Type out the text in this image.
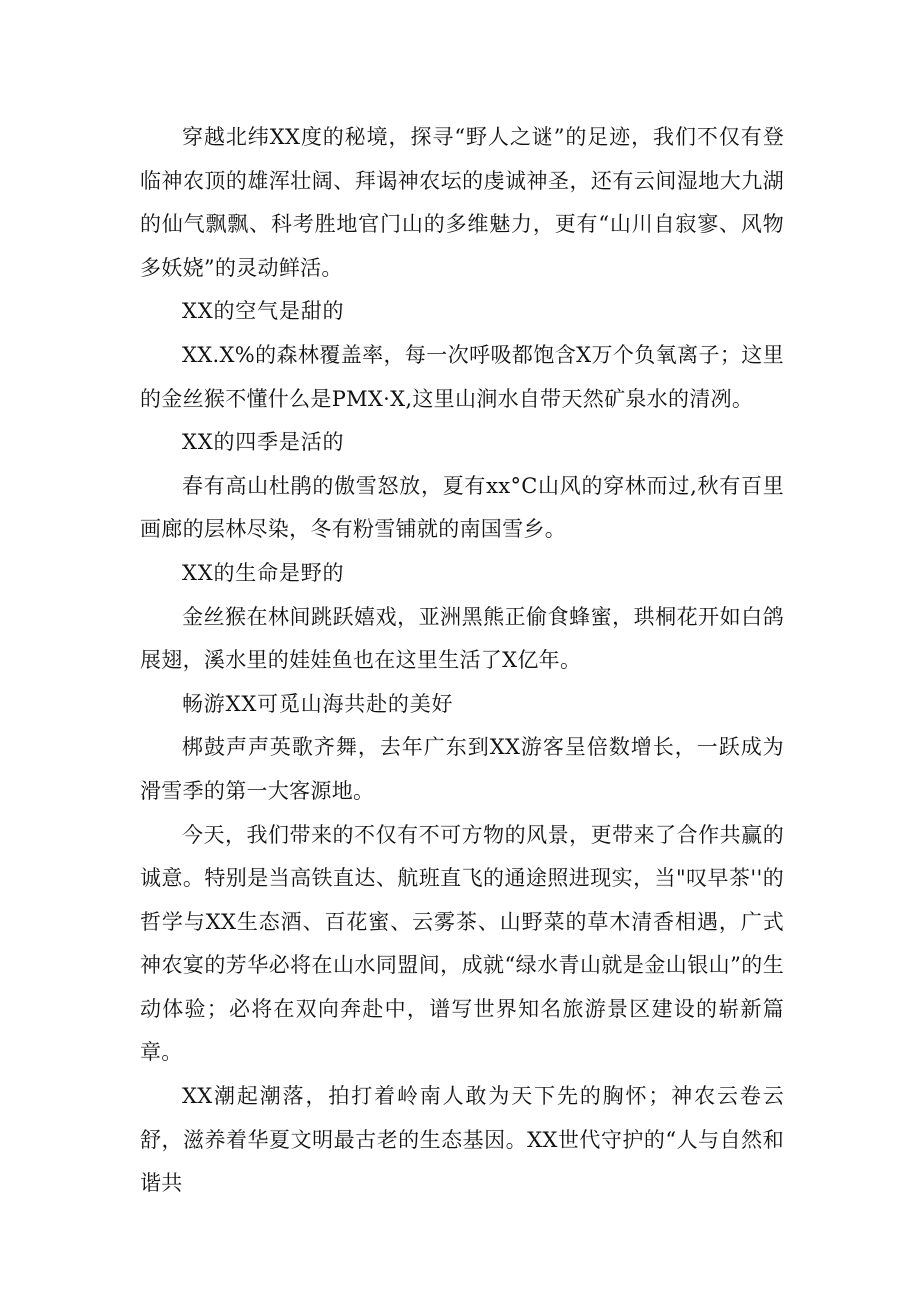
穿越北纬XX度的秘境，探寻“野人之谜”的足迹，我们不仅有登临神农顶的雄浑壮阔、拜谒神农坛的虔诚神圣，还有云间湿地大九湖的仙气飘飘、科考胜地官门山的多维魅力，更有“山川自寂寥、风物多妖娆”的灵动鲜活。

XX的空气是甜的

XX.X%的森林覆盖率，每一次呼吸都饱含X万个负氧离子；这里的金丝猴不懂什么是PMX·X,这里山涧水自带天然矿泉水的清冽。

XX的四季是活的

春有高山杜鹃的傲雪怒放，夏有xx°C山风的穿林而过,秋有百里画廊的层林尽染，冬有粉雪铺就的南国雪乡。

XX的生命是野的

金丝猴在林间跳跃嬉戏，亚洲黑熊正偷食蜂蜜，珙桐花开如白鸽展翅，溪水里的娃娃鱼也在这里生活了X亿年。

畅游XX可觅山海共赴的美好

梆鼓声声英歌齐舞，去年广东到XX游客呈倍数增长，一跃成为滑雪季的第一大客源地。

今天，我们带来的不仅有不可方物的风景，更带来了合作共赢的诚意。特别是当高铁直达、航班直飞的通途照进现实，当"叹早茶''的哲学与XX生态酒、百花蜜、云雾茶、山野菜的草木清香相遇，广式神农宴的芳华必将在山水同盟间，成就“绿水青山就是金山银山”的生动体验；必将在双向奔赴中，谱写世界知名旅游景区建设的崭新篇章。

XX潮起潮落，拍打着岭南人敢为天下先的胸怀；神农云卷云舒，滋养着华夏文明最古老的生态基因。XX世代守护的“人与自然和谐共
